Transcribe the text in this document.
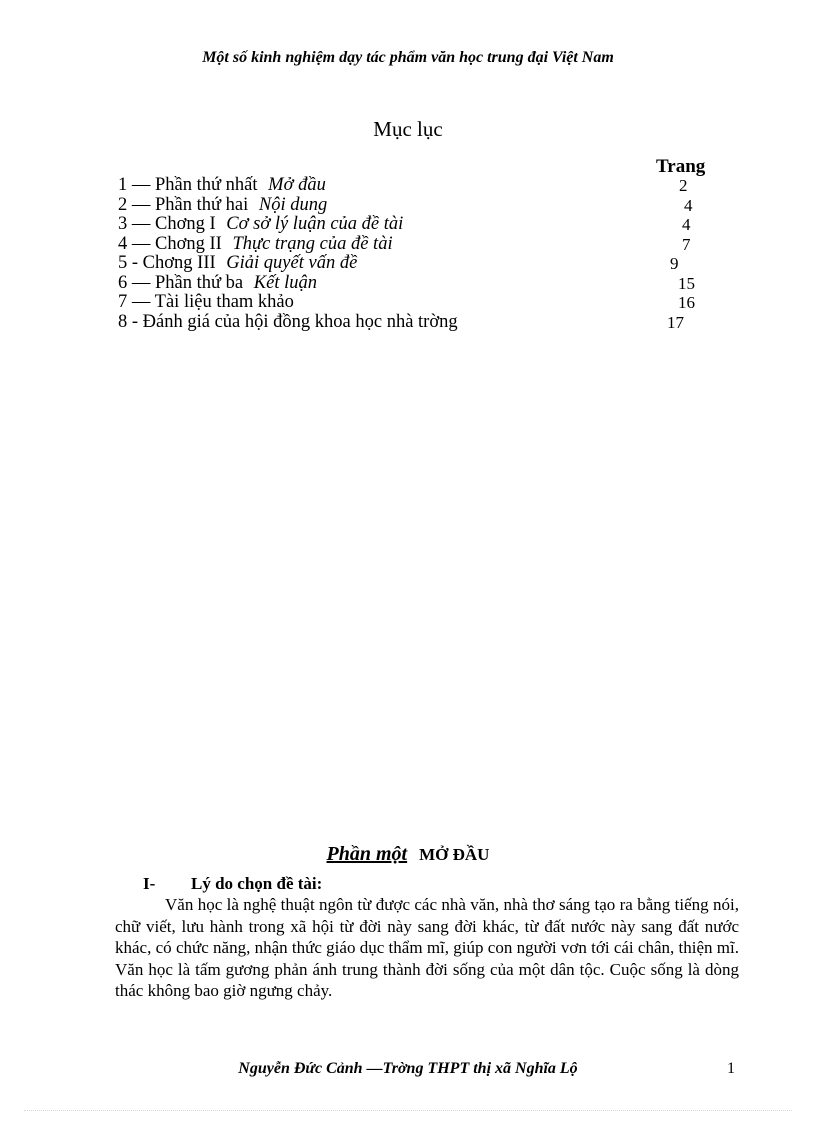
Một số kinh nghiệm dạy tác phẩm văn học trung đại Việt Nam
Mục lục
Trang
1 — Phần thứ nhất Mở đầu	2
2 — Phần thứ hai Nội dung	4
3 — Chơng I Cơ sở lý luận của đề tài	4
4 — Chơng II Thực trạng của đề tài	7
5 - Chơng III Giải quyết vấn đề	9
6 — Phần thứ ba Kết luận	15
7 — Tài liệu tham khảo	16
8 - Đánh giá của hội đồng khoa học nhà trờng	17
Phần một MỞ ĐẦU
I- Lý do chọn đề tài:
Văn học là nghệ thuật ngôn từ được các nhà văn, nhà thơ sáng tạo ra bằng tiếng nói, chữ viết, lưu hành trong xã hội từ đời này sang đời khác, từ đất nước này sang đất nước khác, có chức năng, nhận thức giáo dục thẩm mĩ, giúp con người vơn tới cái chân, thiện mĩ. Văn học là tấm gương phản ánh trung thành đời sống của một dân tộc. Cuộc sống là dòng thác không bao giờ ngưng chảy.
Nguyễn Đức Cảnh —Trờng THPT thị xã Nghĩa Lộ	1
